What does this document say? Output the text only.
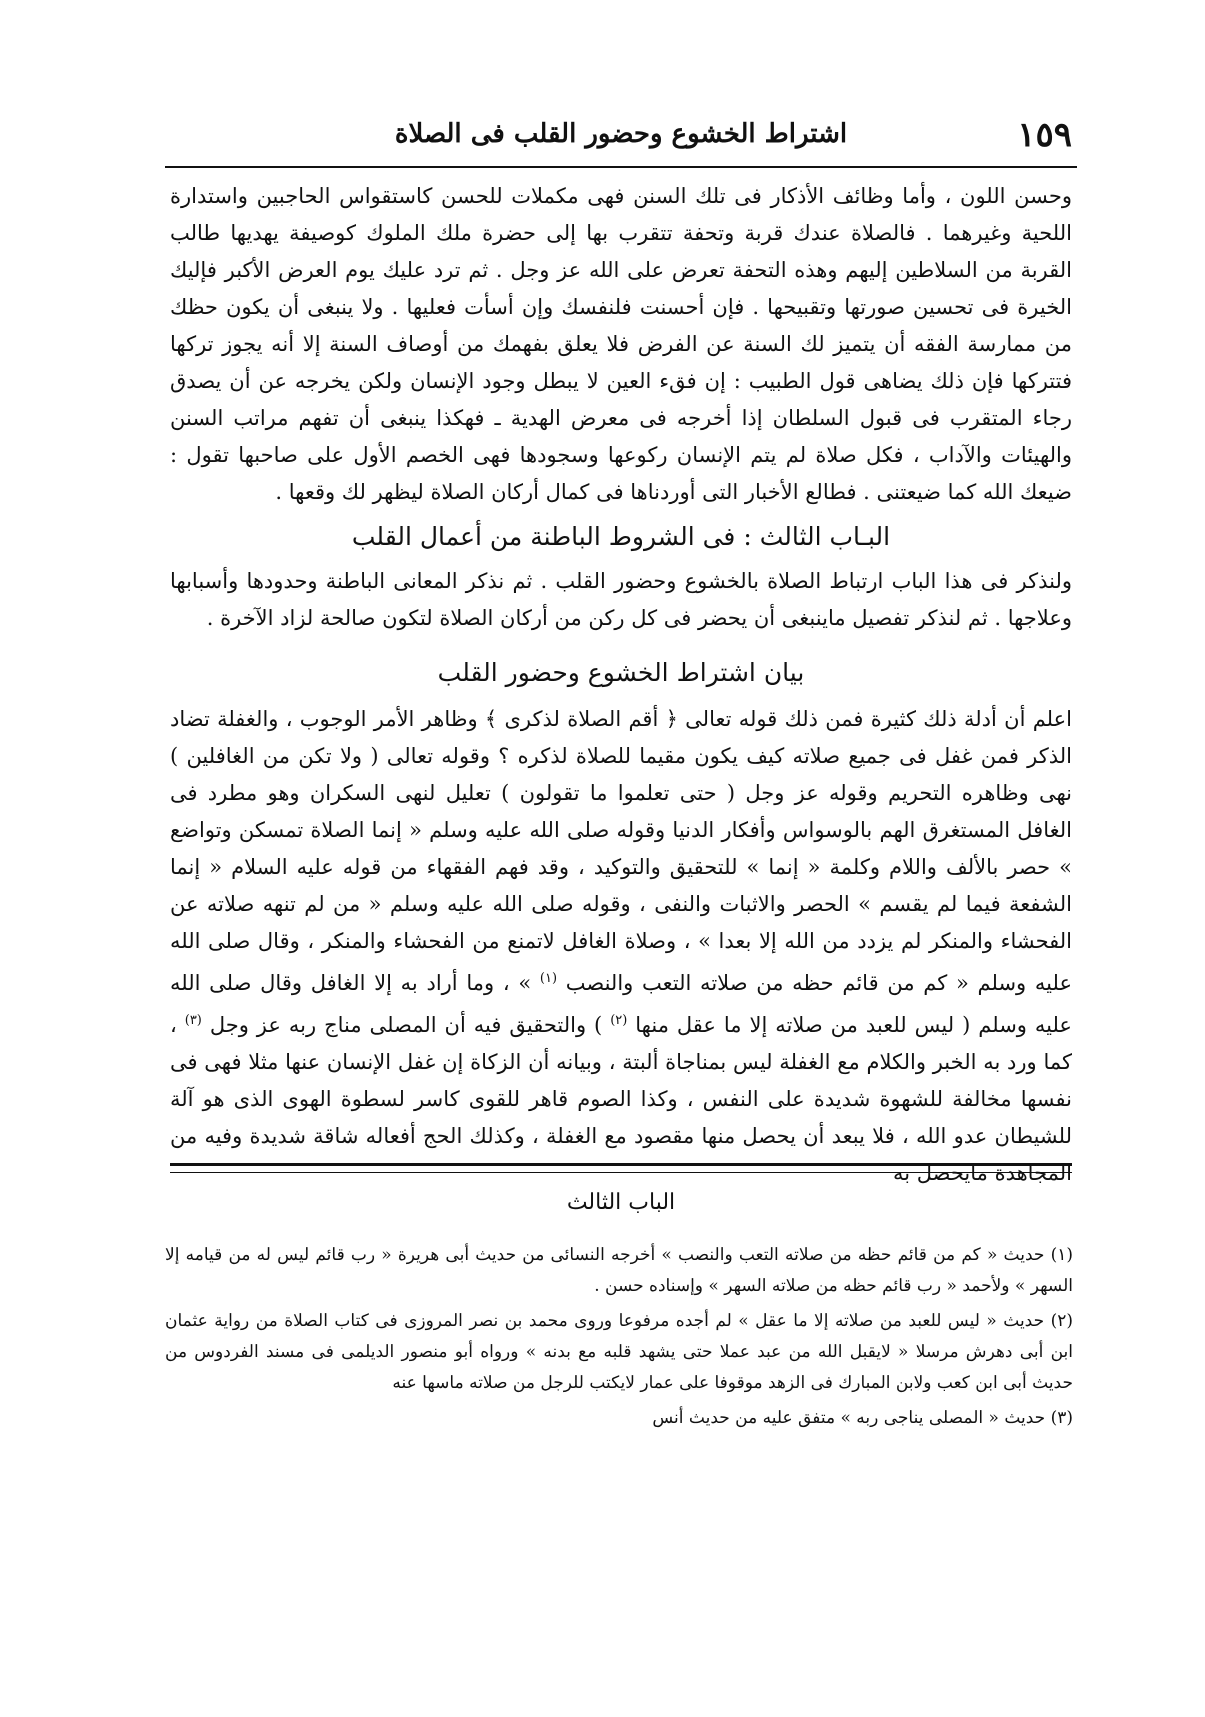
١٥٩
اشتراط الخشوع وحضور القلب فى الصلاة

وحسن اللون ، وأما وظائف الأذكار فى تلك السنن فهى مكملات للحسن كاستقواس الحاجبين واستدارة اللحية وغيرهما . فالصلاة عندك قربة وتحفة تتقرب بها إلى حضرة ملك الملوك كوصيفة يهديها طالب القربة من السلاطين إليهم وهذه التحفة تعرض على الله عز وجل . ثم ترد عليك يوم العرض الأكبر فإليك الخيرة فى تحسين صورتها وتقبيحها . فإن أحسنت فلنفسك وإن أسأت فعليها . ولا ينبغى أن يكون حظك من ممارسة الفقه أن يتميز لك السنة عن الفرض فلا يعلق بفهمك من أوصاف السنة إلا أنه يجوز تركها فتتركها فإن ذلك يضاهى قول الطبيب : إن فقء العين لا يبطل وجود الإنسان ولكن يخرجه عن أن يصدق رجاء المتقرب فى قبول السلطان إذا أخرجه فى معرض الهدية ـ فهكذا ينبغى أن تفهم مراتب السنن والهيئات والآداب ، فكل صلاة لم يتم الإنسان ركوعها وسجودها فهى الخصم الأول على صاحبها تقول : ضيعك الله كما ضيعتنى . فطالع الأخبار التى أوردناها فى كمال أركان الصلاة ليظهر لك وقعها .

البـاب الثالث : فى الشروط الباطنة من أعمال القلب

ولنذكر فى هذا الباب ارتباط الصلاة بالخشوع وحضور القلب . ثم نذكر المعانى الباطنة وحدودها وأسبابها وعلاجها . ثم لنذكر تفصيل ماينبغى أن يحضر فى كل ركن من أركان الصلاة لتكون صالحة لزاد الآخرة .

بيان اشتراط الخشوع وحضور القلب

اعلم أن أدلة ذلك كثيرة فمن ذلك قوله تعالى ﴿ أقم الصلاة لذكرى ﴾ وظاهر الأمر الوجوب ، والغفلة تضاد الذكر فمن غفل فى جميع صلاته كيف يكون مقيما للصلاة لذكره ؟ وقوله تعالى ( ولا تكن من الغافلين ) نهى وظاهره التحريم وقوله عز وجل ( حتى تعلموا ما تقولون ) تعليل لنهى السكران وهو مطرد فى الغافل المستغرق الهم بالوسواس وأفكار الدنيا وقوله صلى الله عليه وسلم « إنما الصلاة تمسكن وتواضع » حصر بالألف واللام وكلمة « إنما » للتحقيق والتوكيد ، وقد فهم الفقهاء من قوله عليه السلام « إنما الشفعة فيما لم يقسم » الحصر والاثبات والنفى ، وقوله صلى الله عليه وسلم « من لم تنهه صلاته عن الفحشاء والمنكر لم يزدد من الله إلا بعدا » ، وصلاة الغافل لاتمنع من الفحشاء والمنكر ، وقال صلى الله عليه وسلم « كم من قائم حظه من صلاته التعب والنصب $^{(١)}$ » ، وما أراد به إلا الغافل وقال صلى الله عليه وسلم ( ليس للعبد من صلاته إلا ما عقل منها $^{(٢)}$ ) والتحقيق فيه أن المصلى مناج ربه عز وجل $^{(٣)}$ ، كما ورد به الخبر والكلام مع الغفلة ليس بمناجاة ألبتة ، وبيانه أن الزكاة إن غفل الإنسان عنها مثلا فهى فى نفسها مخالفة للشهوة شديدة على النفس ، وكذا الصوم قاهر للقوى كاسر لسطوة الهوى الذى هو آلة للشيطان عدو الله ، فلا يبعد أن يحصل منها مقصود مع الغفلة ، وكذلك الحج أفعاله شاقة شديدة وفيه من المجاهدة مايحصل به

الباب الثالث

(١) حديث « كم من قائم حظه من صلاته التعب والنصب » أخرجه النسائى من حديث أبى هريرة « رب قائم ليس له من قيامه إلا السهر » ولأحمد « رب قائم حظه من صلاته السهر » وإسناده حسن .

(٢) حديث « ليس للعبد من صلاته إلا ما عقل » لم أجده مرفوعا وروى محمد بن نصر المروزى فى كتاب الصلاة من رواية عثمان ابن أبى دهرش مرسلا « لايقبل الله من عبد عملا حتى يشهد قلبه مع بدنه » ورواه أبو منصور الديلمى فى مسند الفردوس من حديث أبى ابن كعب ولابن المبارك فى الزهد موقوفا على عمار لايكتب للرجل من صلاته ماسها عنه

(٣) حديث « المصلى يناجى ربه » متفق عليه من حديث أنس
